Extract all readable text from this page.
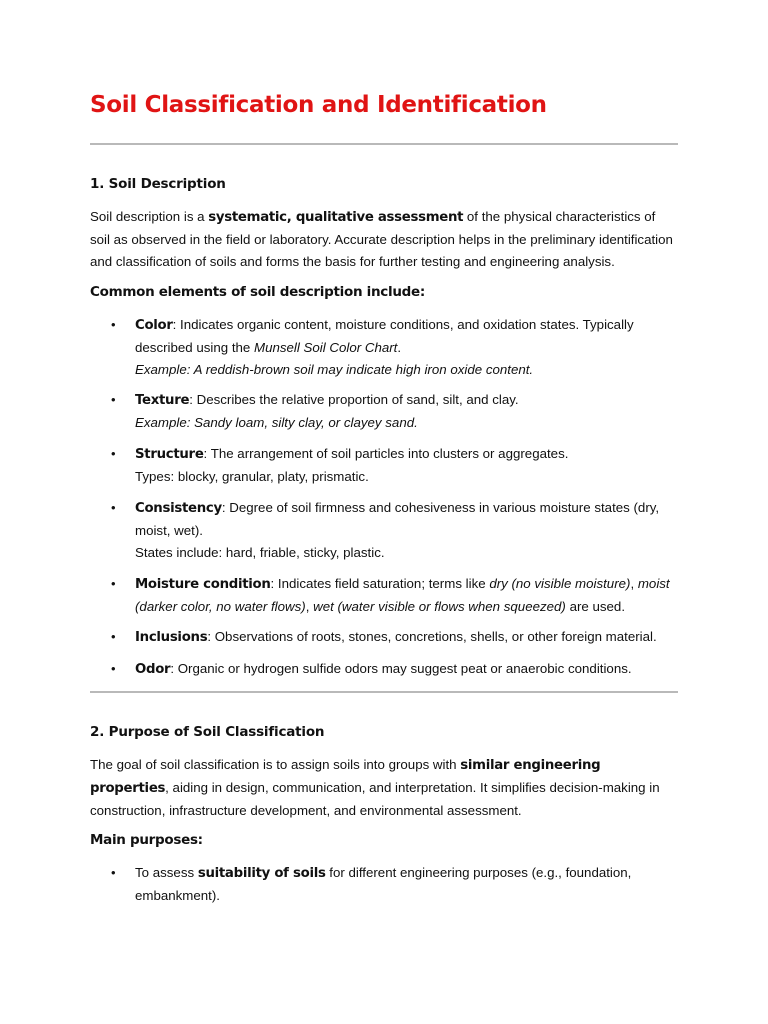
Soil Classification and Identification
1. Soil Description

Soil description is a systematic, qualitative assessment of the physical characteristics of soil as observed in the field or laboratory. Accurate description helps in the preliminary identification and classification of soils and forms the basis for further testing and engineering analysis.

Common elements of soil description include:

• Color: Indicates organic content, moisture conditions, and oxidation states. Typically described using the Munsell Soil Color Chart.
Example: A reddish-brown soil may indicate high iron oxide content.

• Texture: Describes the relative proportion of sand, silt, and clay.
Example: Sandy loam, silty clay, or clayey sand.

• Structure: The arrangement of soil particles into clusters or aggregates.
Types: blocky, granular, platy, prismatic.

• Consistency: Degree of soil firmness and cohesiveness in various moisture states (dry, moist, wet).
States include: hard, friable, sticky, plastic.

• Moisture condition: Indicates field saturation; terms like dry (no visible moisture), moist (darker color, no water flows), wet (water visible or flows when squeezed) are used.

• Inclusions: Observations of roots, stones, concretions, shells, or other foreign material.

• Odor: Organic or hydrogen sulfide odors may suggest peat or anaerobic conditions.

2. Purpose of Soil Classification

The goal of soil classification is to assign soils into groups with similar engineering properties, aiding in design, communication, and interpretation. It simplifies decision-making in construction, infrastructure development, and environmental assessment.

Main purposes:

• To assess suitability of soils for different engineering purposes (e.g., foundation, embankment).
